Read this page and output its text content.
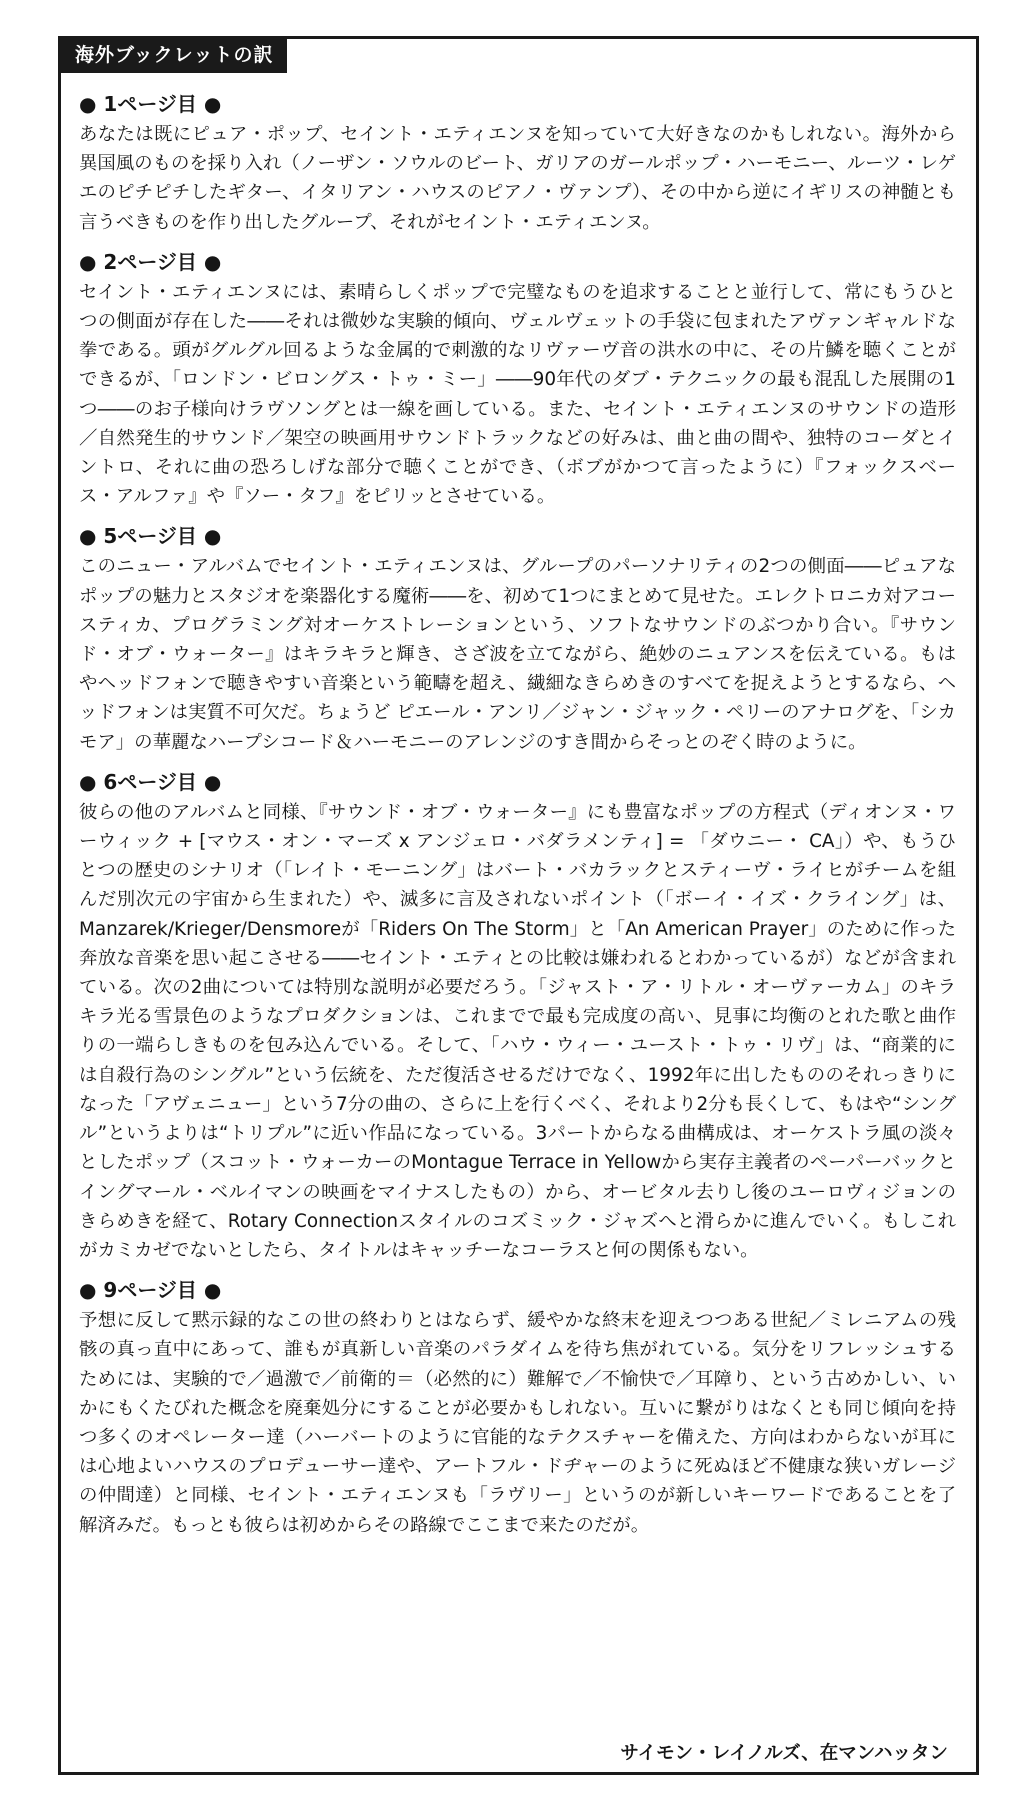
海外ブックレットの訳
● 1ページ目 ●

あなたは既にピュア・ポップ、セイント・エティエンヌを知っていて大好きなのかもしれない。海外から異国風のものを採り入れ（ノーザン・ソウルのビート、ガリアのガールポップ・ハーモニー、ルーツ・レゲエのピチピチしたギター、イタリアン・ハウスのピアノ・ヴァンプ）、その中から逆にイギリスの神髄とも言うべきものを作り出したグループ、それがセイント・エティエンヌ。

● 2ページ目 ●

セイント・エティエンヌには、素晴らしくポップで完璧なものを追求することと並行して、常にもうひとつの側面が存在した――それは微妙な実験的傾向、ヴェルヴェットの手袋に包まれたアヴァンギャルドな拳である。頭がグルグル回るような金属的で刺激的なリヴァーヴ音の洪水の中に、その片鱗を聴くことができるが、「ロンドン・ビロングス・トゥ・ミー」――90年代のダブ・テクニックの最も混乱した展開の1つ――のお子様向けラヴソングとは一線を画している。また、セイント・エティエンヌのサウンドの造形／自然発生的サウンド／架空の映画用サウンドトラックなどの好みは、曲と曲の間や、独特のコーダとイントロ、それに曲の恐ろしげな部分で聴くことができ、（ボブがかつて言ったように）『フォックスベース・アルファ』や『ソー・タフ』をピリッとさせている。

● 5ページ目 ●

このニュー・アルバムでセイント・エティエンヌは、グループのパーソナリティの2つの側面――ピュアなポップの魅力とスタジオを楽器化する魔術――を、初めて1つにまとめて見せた。エレクトロニカ対アコースティカ、プログラミング対オーケストレーションという、ソフトなサウンドのぶつかり合い。『サウンド・オブ・ウォーター』はキラキラと輝き、さざ波を立てながら、絶妙のニュアンスを伝えている。もはやヘッドフォンで聴きやすい音楽という範疇を超え、繊細なきらめきのすべてを捉えようとするなら、ヘッドフォンは実質不可欠だ。ちょうど ピエール・アンリ／ジャン・ジャック・ペリーのアナログを、「シカモア」の華麗なハープシコード＆ハーモニーのアレンジのすき間からそっとのぞく時のように。

● 6ページ目 ●

彼らの他のアルバムと同様、『サウンド・オブ・ウォーター』にも豊富なポップの方程式（ディオンヌ・ワーウィック + [マウス・オン・マーズ x アンジェロ・バダラメンティ] = 「ダウニー・ CA」）や、もうひとつの歴史のシナリオ（「レイト・モーニング」はバート・バカラックとスティーヴ・ライヒがチームを組んだ別次元の宇宙から生まれた）や、滅多に言及されないポイント（「ボーイ・イズ・クライング」は、Manzarek/Krieger/Densmoreが「Riders On The Storm」と「An American Prayer」のために作った奔放な音楽を思い起こさせる――セイント・エティとの比較は嫌われるとわかっているが）などが含まれている。次の2曲については特別な説明が必要だろう。「ジャスト・ア・リトル・オーヴァーカム」のキラキラ光る雪景色のようなプロダクションは、これまでで最も完成度の高い、見事に均衡のとれた歌と曲作りの一端らしきものを包み込んでいる。そして、「ハウ・ウィー・ユースト・トゥ・リヴ」は、“商業的には自殺行為のシングル”という伝統を、ただ復活させるだけでなく、1992年に出したもののそれっきりになった「アヴェニュー」という7分の曲の、さらに上を行くべく、それより2分も長くして、もはや“シングル”というよりは“トリプル”に近い作品になっている。3パートからなる曲構成は、オーケストラ風の淡々としたポップ（スコット・ウォーカーのMontague Terrace in Yellowから実存主義者のペーパーバックとイングマール・ベルイマンの映画をマイナスしたもの）から、オービタル去りし後のユーロヴィジョンのきらめきを経て、Rotary Connectionスタイルのコズミック・ジャズへと滑らかに進んでいく。もしこれがカミカゼでないとしたら、タイトルはキャッチーなコーラスと何の関係もない。

● 9ページ目 ●

予想に反して黙示録的なこの世の終わりとはならず、緩やかな終末を迎えつつある世紀／ミレニアムの残骸の真っ直中にあって、誰もが真新しい音楽のパラダイムを待ち焦がれている。気分をリフレッシュするためには、実験的で／過激で／前衛的＝（必然的に）難解で／不愉快で／耳障り、という古めかしい、いかにもくたびれた概念を廃棄処分にすることが必要かもしれない。互いに繋がりはなくとも同じ傾向を持つ多くのオペレーター達（ハーバートのように官能的なテクスチャーを備えた、方向はわからないが耳には心地よいハウスのプロデューサー達や、アートフル・ドヂャーのように死ぬほど不健康な狭いガレージの仲間達）と同様、セイント・エティエンヌも「ラヴリー」というのが新しいキーワードであることを了解済みだ。もっとも彼らは初めからその路線でここまで来たのだが。

サイモン・レイノルズ、在マンハッタン
